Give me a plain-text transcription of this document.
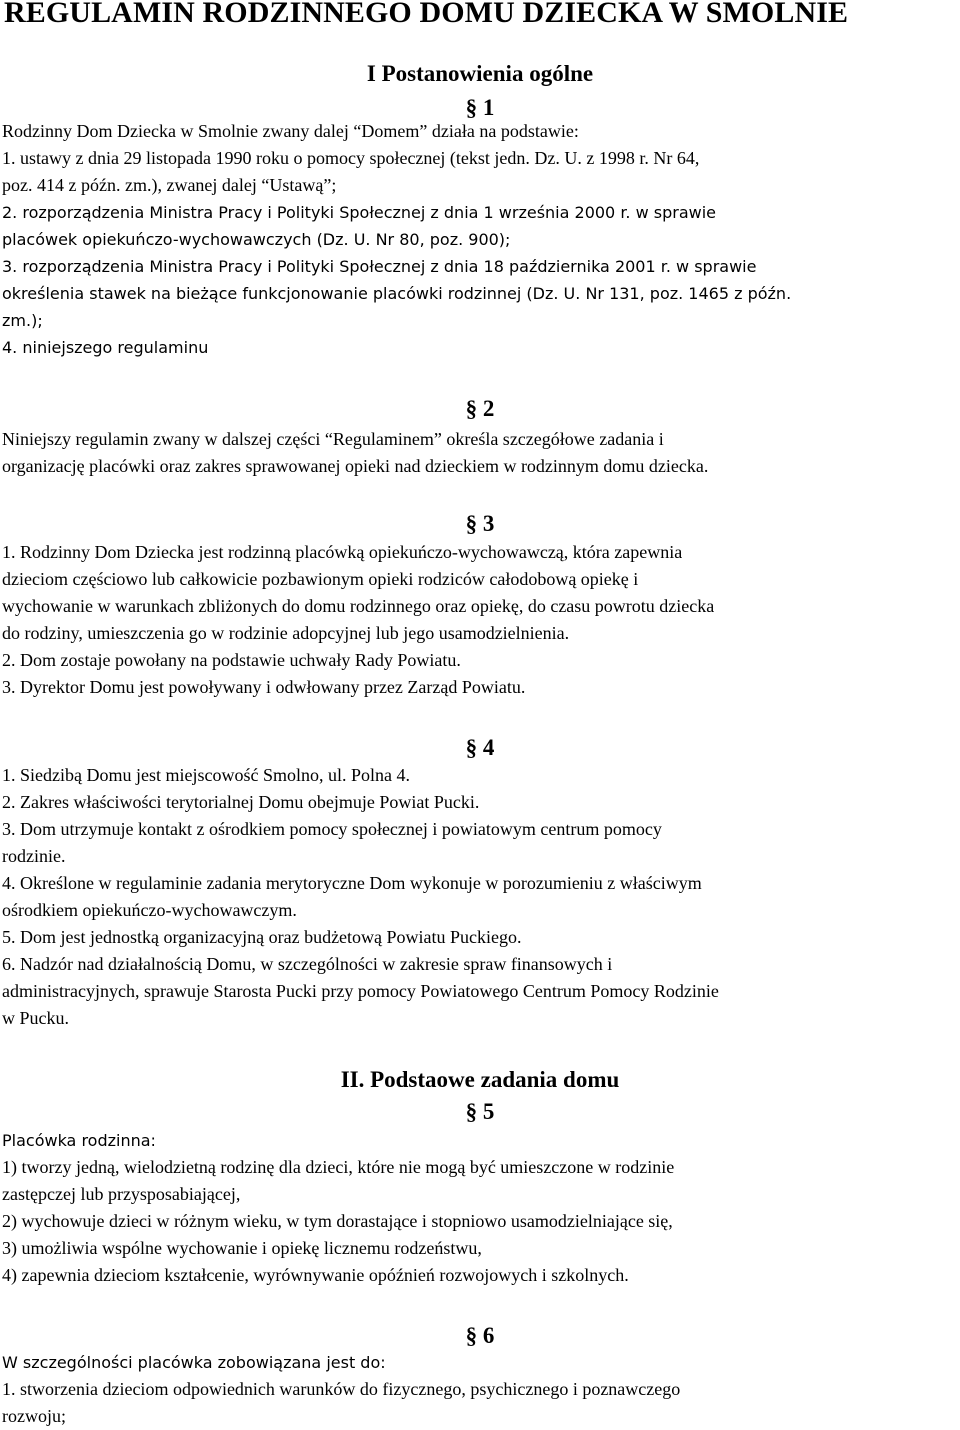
REGULAMIN RODZINNEGO DOMU DZIECKA W SMOLNIE
I Postanowienia ogólne
§ 1
Rodzinny Dom Dziecka w Smolnie zwany dalej “Domem” działa na podstawie:
1. ustawy z dnia 29 listopada 1990 roku o pomocy społecznej (tekst jedn. Dz. U. z 1998 r. Nr 64,
poz. 414 z późn. zm.), zwanej dalej “Ustawą”;
2. rozporządzenia Ministra Pracy i Polityki Społecznej z dnia 1 września 2000 r. w sprawie
placówek opiekuńczo-wychowawczych (Dz. U. Nr 80, poz. 900);
3. rozporządzenia Ministra Pracy i Polityki Społecznej z dnia 18 października 2001 r. w sprawie
określenia stawek na bieżące funkcjonowanie placówki rodzinnej (Dz. U. Nr 131, poz. 1465 z późn.
zm.);
4. niniejszego regulaminu
§ 2
Niniejszy regulamin zwany w dalszej części “Regulaminem” określa szczegółowe zadania i
organizację placówki oraz zakres sprawowanej opieki nad dzieckiem w rodzinnym domu dziecka.
§ 3
1. Rodzinny Dom Dziecka jest rodzinną placówką opiekuńczo-wychowawczą, która zapewnia
dzieciom częściowo lub całkowicie pozbawionym opieki rodziców całodobową opiekę i
wychowanie w warunkach zbliżonych do domu rodzinnego oraz opiekę, do czasu powrotu dziecka
do rodziny, umieszczenia go w rodzinie adopcyjnej lub jego usamodzielnienia.
2. Dom zostaje powołany na podstawie uchwały Rady Powiatu.
3. Dyrektor Domu jest powoływany i odwłowany przez Zarząd Powiatu.
§ 4
1. Siedzibą Domu jest miejscowość Smolno, ul. Polna 4.
2. Zakres właściwości terytorialnej Domu obejmuje Powiat Pucki.
3. Dom utrzymuje kontakt z ośrodkiem pomocy społecznej i powiatowym centrum pomocy
rodzinie.
4. Określone w regulaminie zadania merytoryczne Dom wykonuje w porozumieniu z właściwym
ośrodkiem opiekuńczo-wychowawczym.
5. Dom jest jednostką organizacyjną oraz budżetową Powiatu Puckiego.
6. Nadzór nad działalnością Domu, w szczególności w zakresie spraw finansowych i
administracyjnych, sprawuje Starosta Pucki przy pomocy Powiatowego Centrum Pomocy Rodzinie
w Pucku.
II. Podstaowe zadania domu
§ 5
Placówka rodzinna:
1) tworzy jedną, wielodzietną rodzinę dla dzieci, które nie mogą być umieszczone w rodzinie
zastępczej lub przysposabiającej,
2) wychowuje dzieci w różnym wieku, w tym dorastające i stopniowo usamodzielniające się,
3) umożliwia wspólne wychowanie i opiekę licznemu rodzeństwu,
4) zapewnia dzieciom kształcenie, wyrównywanie opóźnień rozwojowych i szkolnych.
§ 6
W szczególności placówka zobowiązana jest do:
1. stworzenia dzieciom odpowiednich warunków do fizycznego, psychicznego i poznawczego
rozwoju;
